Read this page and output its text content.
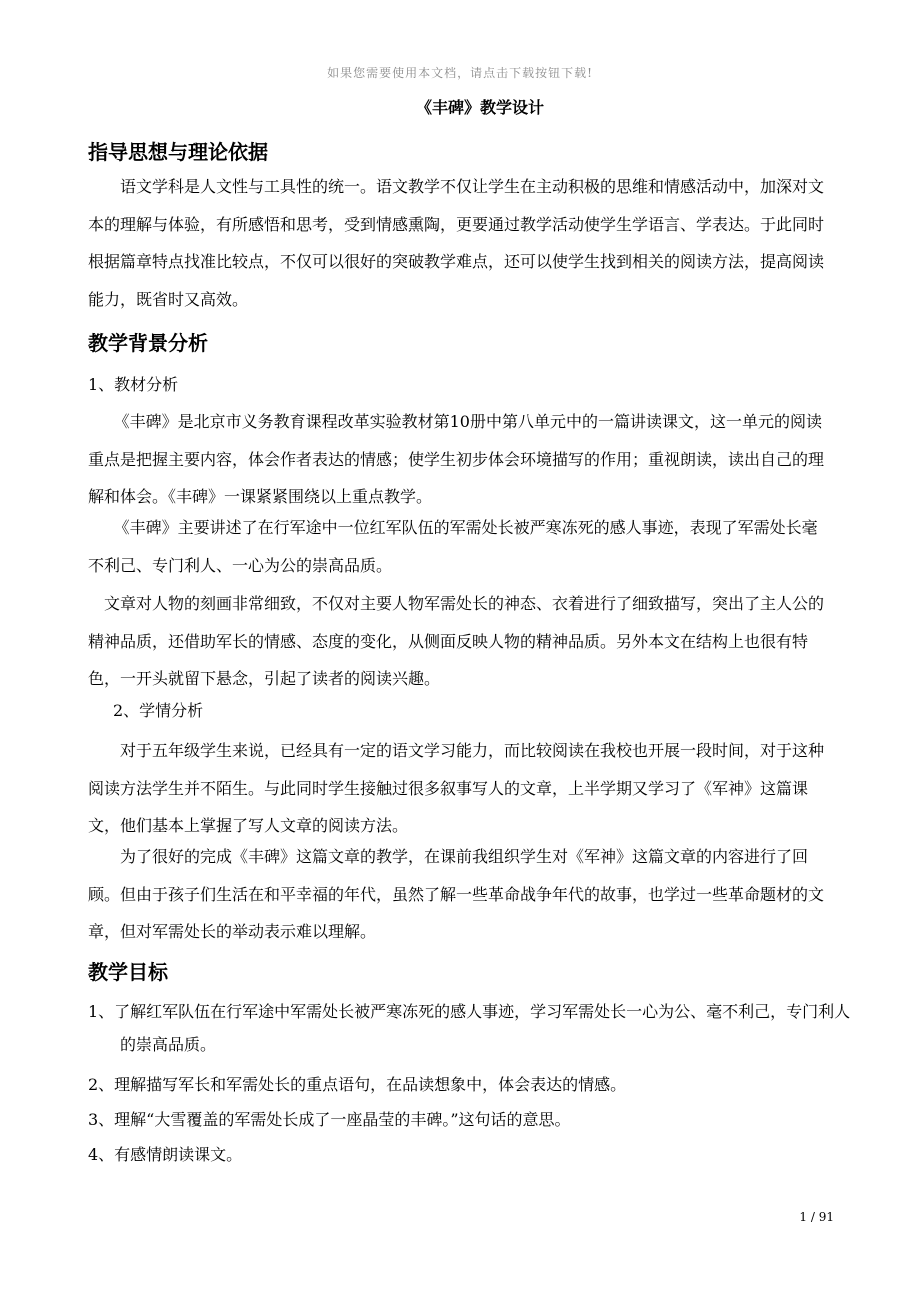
如果您需要使用本文档，请点击下载按钮下载!
《丰碑》教学设计
指导思想与理论依据

语文学科是人文性与工具性的统一。语文教学不仅让学生在主动积极的思维和情感活动中，加深对文本的理解与体验，有所感悟和思考，受到情感熏陶，更要通过教学活动使学生学语言、学表达。于此同时根据篇章特点找准比较点，不仅可以很好的突破教学难点，还可以使学生找到相关的阅读方法，提高阅读能力，既省时又高效。

教学背景分析

1、教材分析

《丰碑》是北京市义务教育课程改革实验教材第10册中第八单元中的一篇讲读课文，这一单元的阅读重点是把握主要内容，体会作者表达的情感；使学生初步体会环境描写的作用；重视朗读，读出自己的理解和体会。《丰碑》一课紧紧围绕以上重点教学。

《丰碑》主要讲述了在行军途中一位红军队伍的军需处长被严寒冻死的感人事迹，表现了军需处长毫不利己、专门利人、一心为公的崇高品质。

文章对人物的刻画非常细致，不仅对主要人物军需处长的神态、衣着进行了细致描写，突出了主人公的精神品质，还借助军长的情感、态度的变化，从侧面反映人物的精神品质。另外本文在结构上也很有特色，一开头就留下悬念，引起了读者的阅读兴趣。

2、学情分析

对于五年级学生来说，已经具有一定的语文学习能力，而比较阅读在我校也开展一段时间，对于这种阅读方法学生并不陌生。与此同时学生接触过很多叙事写人的文章，上半学期又学习了《军神》这篇课文，他们基本上掌握了写人文章的阅读方法。

为了很好的完成《丰碑》这篇文章的教学，在课前我组织学生对《军神》这篇文章的内容进行了回顾。但由于孩子们生活在和平幸福的年代，虽然了解一些革命战争年代的故事，也学过一些革命题材的文章，但对军需处长的举动表示难以理解。

教学目标

1、了解红军队伍在行军途中军需处长被严寒冻死的感人事迹，学习军需处长一心为公、毫不利己，专门利人的崇高品质。

2、理解描写军长和军需处长的重点语句，在品读想象中，体会表达的情感。

3、理解“大雪覆盖的军需处长成了一座晶莹的丰碑。”这句话的意思。

4、有感情朗读课文。

1 / 91
